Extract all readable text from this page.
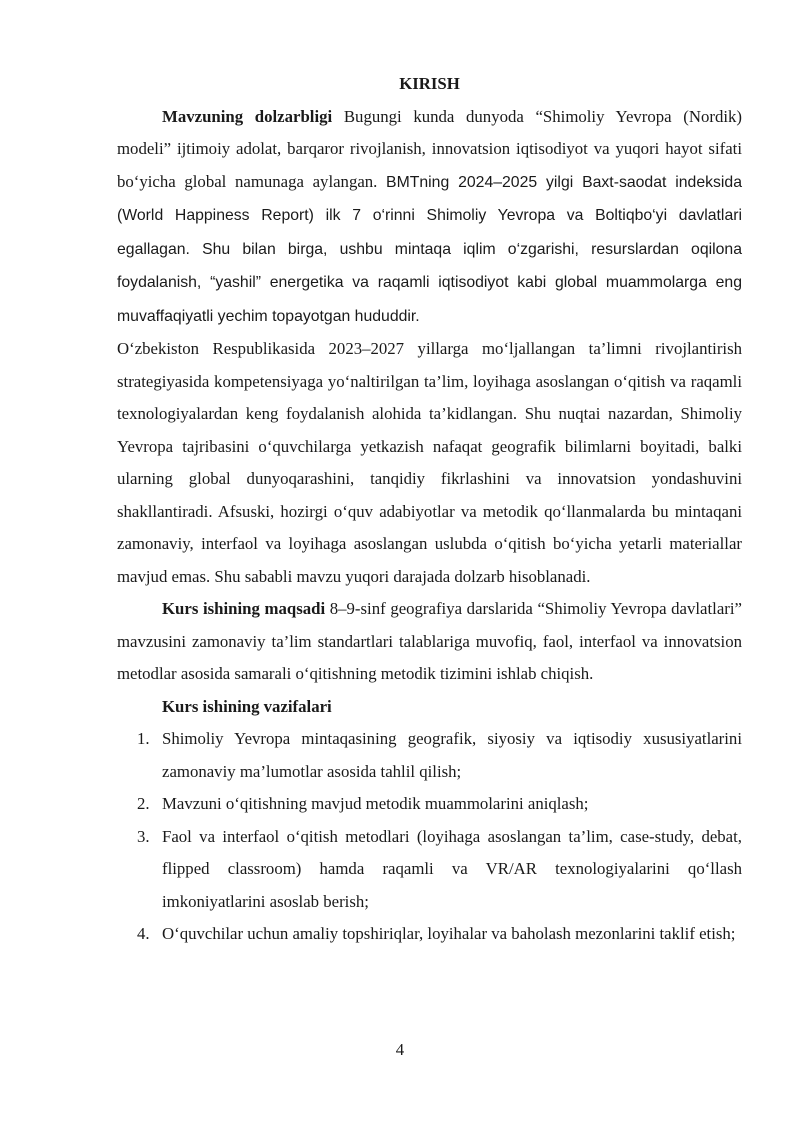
KIRISH

Mavzuning dolzarbligi Bugungi kunda dunyoda “Shimoliy Yevropa (Nordik) modeli” ijtimoiy adolat, barqaror rivojlanish, innovatsion iqtisodiyot va yuqori hayot sifati bo‘yicha global namunaga aylangan. BMTning 2024–2025 yilgi Baxt-saodat indeksida (World Happiness Report) ilk 7 o‘rinni Shimoliy Yevropa va Boltiqbo‘yi davlatlari egallagan. Shu bilan birga, ushbu mintaqa iqlim o‘zgarishi, resurslardan oqilona foydalanish, “yashil” energetika va raqamli iqtisodiyot kabi global muammolarga eng muvaffaqiyatli yechim topayotgan hududdir.

O‘zbekiston Respublikasida 2023–2027 yillarga mo‘ljallangan ta’limni rivojlantirish strategiyasida kompetensiyaga yo‘naltirilgan ta’lim, loyihaga asoslangan o‘qitish va raqamli texnologiyalardan keng foydalanish alohida ta’kidlangan. Shu nuqtai nazardan, Shimoliy Yevropa tajribasini o‘quvchilarga yetkazish nafaqat geografik bilimlarni boyitadi, balki ularning global dunyoqarashini, tanqidiy fikrlashini va innovatsion yondashuvini shakllantiradi. Afsuski, hozirgi o‘quv adabiyotlar va metodik qo‘llanmalarda bu mintaqani zamonaviy, interfaol va loyihaga asoslangan uslubda o‘qitish bo‘yicha yetarli materiallar mavjud emas. Shu sababli mavzu yuqori darajada dolzarb hisoblanadi.

Kurs ishining maqsadi 8–9-sinf geografiya darslarida “Shimoliy Yevropa davlatlari” mavzusini zamonaviy ta’lim standartlari talablariga muvofiq, faol, interfaol va innovatsion metodlar asosida samarali o‘qitishning metodik tizimini ishlab chiqish.

Kurs ishining vazifalari

1. Shimoliy Yevropa mintaqasining geografik, siyosiy va iqtisodiy xususiyatlarini zamonaviy ma’lumotlar asosida tahlil qilish;
2. Mavzuni o‘qitishning mavjud metodik muammolarini aniqlash;
3. Faol va interfaol o‘qitish metodlari (loyihaga asoslangan ta’lim, case-study, debat, flipped classroom) hamda raqamli va VR/AR texnologiyalarini qo‘llash imkoniyatlarini asoslab berish;
4. O‘quvchilar uchun amaliy topshiriqlar, loyihalar va baholash mezonlarini taklif etish;
4
